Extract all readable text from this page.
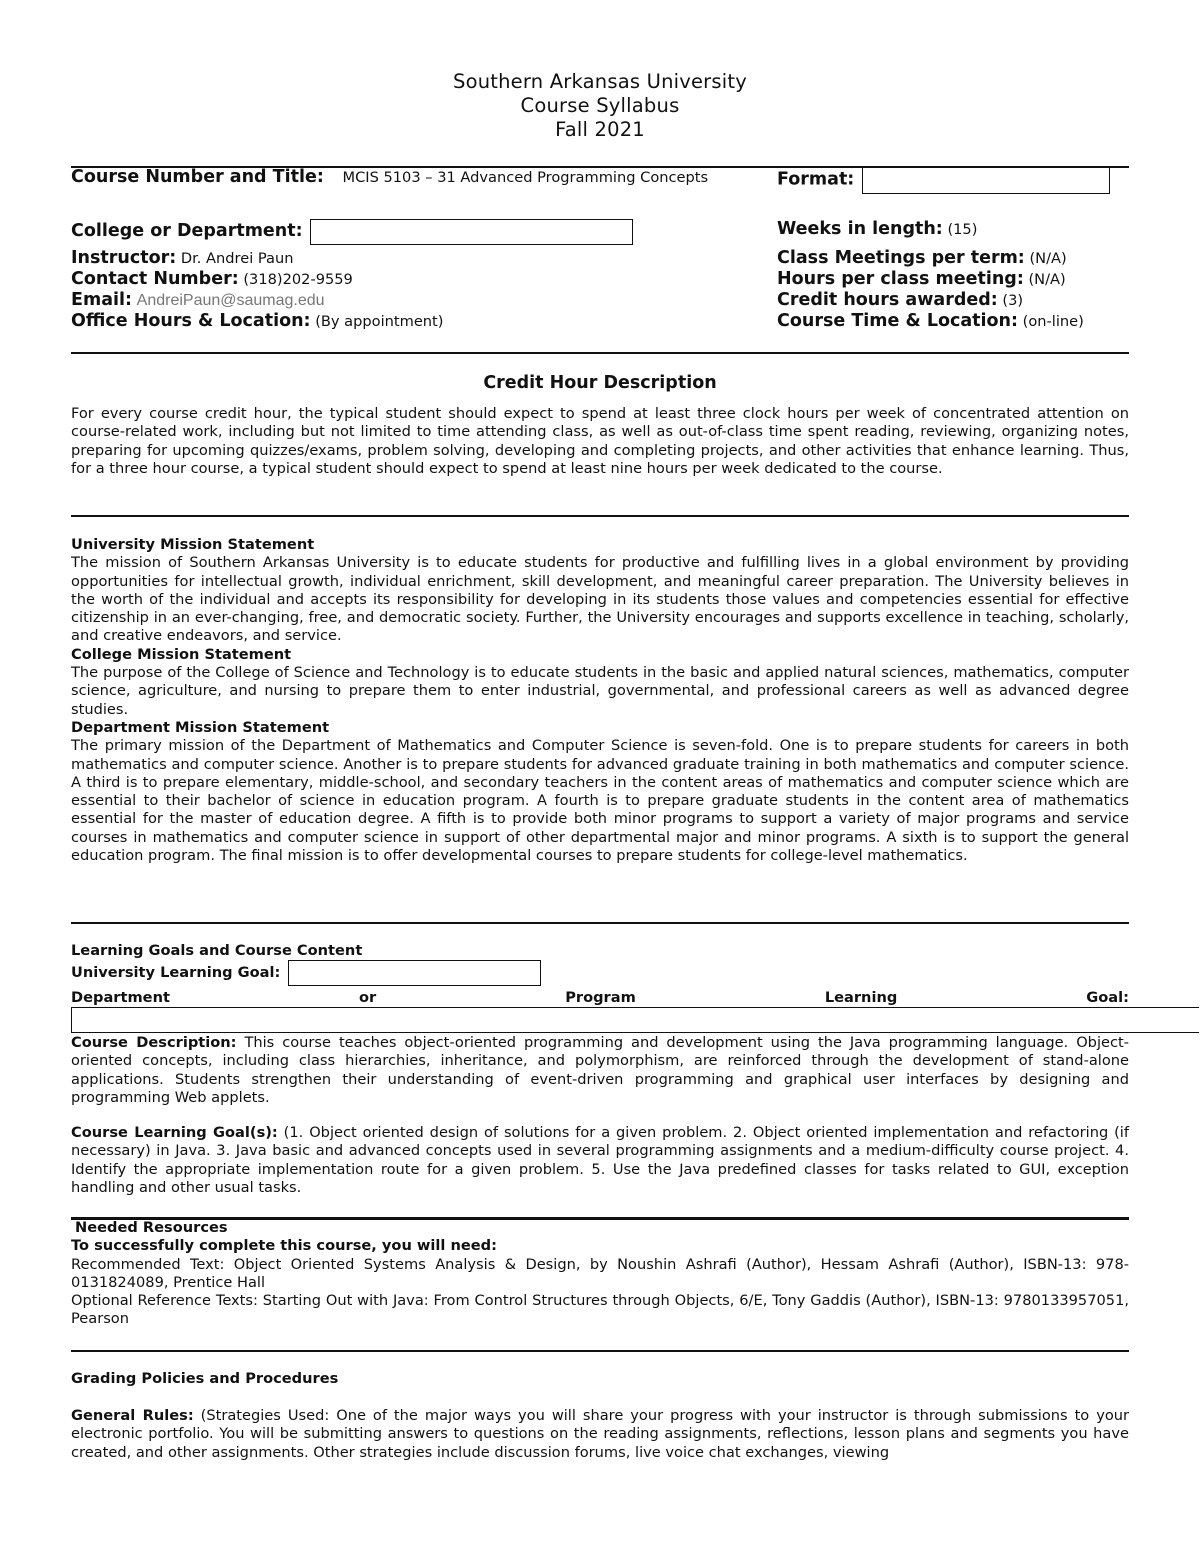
Southern Arkansas University
Course Syllabus
Fall 2021
Course Number and Title: MCIS 5103 – 31 Advanced Programming Concepts	Format:
College or Department:	Weeks in length: (15)
Instructor: Dr. Andrei Paun	Class Meetings per term: (N/A)
Contact Number: (318)202-9559	Hours per class meeting: (N/A)
Email: AndreiPaun@saumag.edu	Credit hours awarded: (3)
Office Hours & Location: (By appointment)	Course Time & Location: (on-line)
Credit Hour Description
For every course credit hour, the typical student should expect to spend at least three clock hours per week of concentrated attention on course-related work, including but not limited to time attending class, as well as out-of-class time spent reading, reviewing, organizing notes, preparing for upcoming quizzes/exams, problem solving, developing and completing projects, and other activities that enhance learning. Thus, for a three hour course, a typical student should expect to spend at least nine hours per week dedicated to the course.
University Mission Statement
The mission of Southern Arkansas University is to educate students for productive and fulfilling lives in a global environment by providing opportunities for intellectual growth, individual enrichment, skill development, and meaningful career preparation. The University believes in the worth of the individual and accepts its responsibility for developing in its students those values and competencies essential for effective citizenship in an ever-changing, free, and democratic society. Further, the University encourages and supports excellence in teaching, scholarly, and creative endeavors, and service.
College Mission Statement
The purpose of the College of Science and Technology is to educate students in the basic and applied natural sciences, mathematics, computer science, agriculture, and nursing to prepare them to enter industrial, governmental, and professional careers as well as advanced degree studies.
Department Mission Statement
The primary mission of the Department of Mathematics and Computer Science is seven-fold. One is to prepare students for careers in both mathematics and computer science. Another is to prepare students for advanced graduate training in both mathematics and computer science. A third is to prepare elementary, middle-school, and secondary teachers in the content areas of mathematics and computer science which are essential to their bachelor of science in education program. A fourth is to prepare graduate students in the content area of mathematics essential for the master of education degree. A fifth is to provide both minor programs to support a variety of major programs and service courses in mathematics and computer science in support of other departmental major and minor programs. A sixth is to support the general education program. The final mission is to offer developmental courses to prepare students for college-level mathematics.
Learning Goals and Course Content
University Learning Goal:
Department	or	Program	Learning	Goal:
Course Description: This course teaches object-oriented programming and development using the Java programming language. Object-oriented concepts, including class hierarchies, inheritance, and polymorphism, are reinforced through the development of stand-alone applications. Students strengthen their understanding of event-driven programming and graphical user interfaces by designing and programming Web applets.
Course Learning Goal(s): (1. Object oriented design of solutions for a given problem. 2. Object oriented implementation and refactoring (if necessary) in Java. 3. Java basic and advanced concepts used in several programming assignments and a medium-difficulty course project. 4. Identify the appropriate implementation route for a given problem. 5. Use the Java predefined classes for tasks related to GUI, exception handling and other usual tasks.
Needed Resources
To successfully complete this course, you will need:
Recommended Text: Object Oriented Systems Analysis & Design, by Noushin Ashrafi (Author), Hessam Ashrafi (Author), ISBN-13: 978-0131824089, Prentice Hall
Optional Reference Texts: Starting Out with Java: From Control Structures through Objects, 6/E, Tony Gaddis (Author), ISBN-13: 9780133957051, Pearson
Grading Policies and Procedures
General Rules: (Strategies Used: One of the major ways you will share your progress with your instructor is through submissions to your electronic portfolio. You will be submitting answers to questions on the reading assignments, reflections, lesson plans and segments you have created, and other assignments. Other strategies include discussion forums, live voice chat exchanges, viewing
